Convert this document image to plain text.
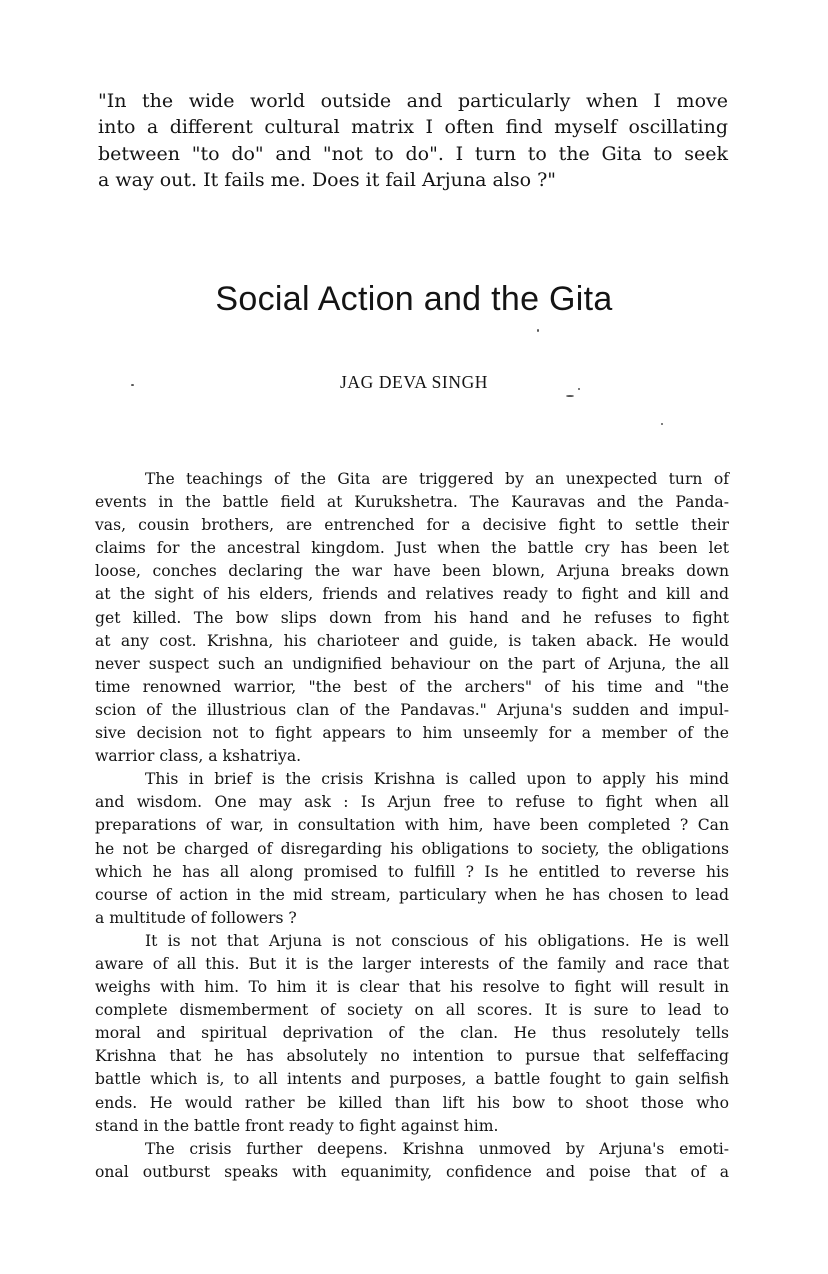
"In the wide world outside and particularly when I move
into a different cultural matrix I often find myself oscillating
between "to do" and "not to do". I turn to the Gita to seek
a way out. It fails me. Does it fail Arjuna also ?"
Social Action and the Gita
JAG DEVA SINGH
The teachings of the Gita are triggered by an unexpected turn of
events in the battle field at Kurukshetra. The Kauravas and the Panda-
vas, cousin brothers, are entrenched for a decisive fight to settle their
claims for the ancestral kingdom. Just when the battle cry has been let
loose, conches declaring the war have been blown, Arjuna breaks down
at the sight of his elders, friends and relatives ready to fight and kill and
get killed. The bow slips down from his hand and he refuses to fight
at any cost. Krishna, his charioteer and guide, is taken aback. He would
never suspect such an undignified behaviour on the part of Arjuna, the all
time renowned warrior, "the best of the archers" of his time and "the
scion of the illustrious clan of the Pandavas." Arjuna's sudden and impul-
sive decision not to fight appears to him unseemly for a member of the
warrior class, a kshatriya.
This in brief is the crisis Krishna is called upon to apply his mind
and wisdom. One may ask : Is Arjun free to refuse to fight when all
preparations of war, in consultation with him, have been completed ? Can
he not be charged of disregarding his obligations to society, the obligations
which he has all along promised to fulfill ? Is he entitled to reverse his
course of action in the mid stream, particulary when he has chosen to lead
a multitude of followers ?
It is not that Arjuna is not conscious of his obligations. He is well
aware of all this. But it is the larger interests of the family and race that
weighs with him. To him it is clear that his resolve to fight will result in
complete dismemberment of society on all scores. It is sure to lead to
moral and spiritual deprivation of the clan. He thus resolutely tells
Krishna that he has absolutely no intention to pursue that selfeffacing
battle which is, to all intents and purposes, a battle fought to gain selfish
ends. He would rather be killed than lift his bow to shoot those who
stand in the battle front ready to fight against him.
The crisis further deepens. Krishna unmoved by Arjuna's emoti-
onal outburst speaks with equanimity, confidence and poise that of a
